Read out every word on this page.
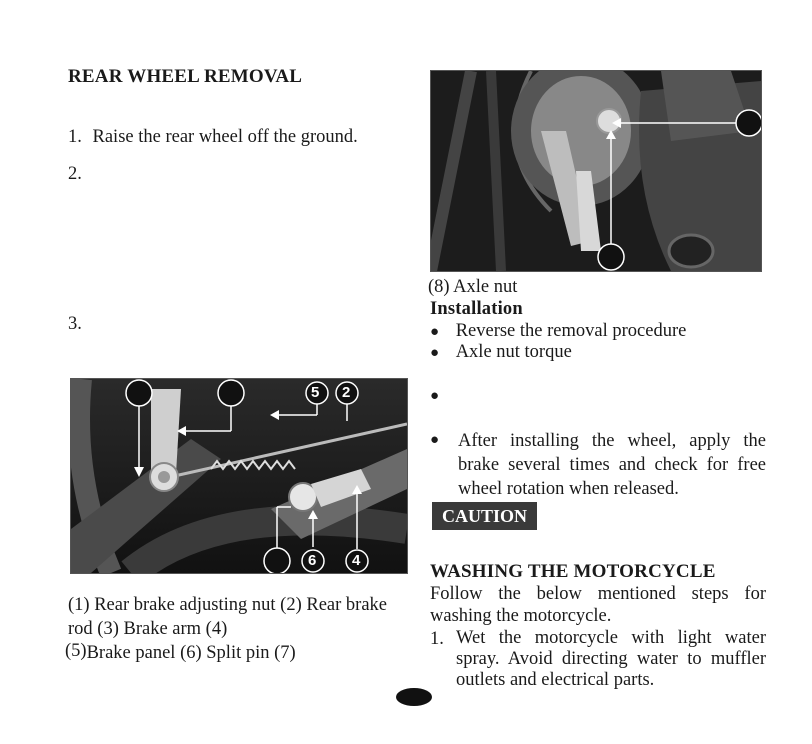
REAR WHEEL REMOVAL
1. Raise the rear wheel off the ground.
2.
3.
5 2
6 4
(1) Rear brake adjusting nut (2) Rear brake
rod (3) Brake arm (4)
(5)Brake panel (6) Split pin (7)
(8) Axle nut
Installation
● Reverse the removal procedure
● Axle nut torque
●
● After installing the wheel, apply the
brake several times and check for free
wheel rotation when released.
CAUTION
WASHING THE MOTORCYCLE
Follow the below mentioned steps for
washing the motorcycle.
1. Wet the motorcycle with light water
spray. Avoid directing water to muffler
outlets and electrical parts.
